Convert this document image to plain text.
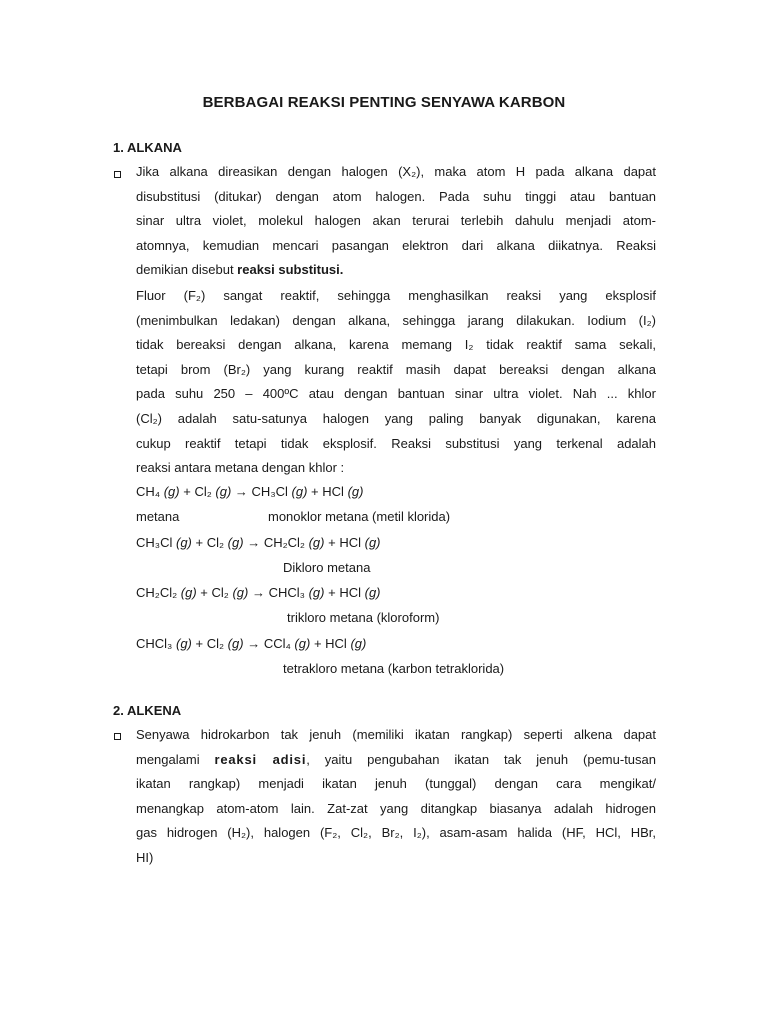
BERBAGAI REAKSI PENTING SENYAWA KARBON
1. ALKANA
Jika alkana direasikan dengan halogen (X₂), maka atom H pada alkana dapat
disubstitusi (ditukar) dengan atom halogen. Pada suhu tinggi atau bantuan
sinar ultra violet, molekul halogen akan terurai terlebih dahulu menjadi atom-
atomnya, kemudian mencari pasangan elektron dari alkana diikatnya. Reaksi
demikian disebut reaksi substitusi.
Fluor (F₂) sangat reaktif, sehingga menghasilkan reaksi yang eksplosif
(menimbulkan ledakan) dengan alkana, sehingga jarang dilakukan. Iodium (I₂)
tidak bereaksi dengan alkana, karena memang I₂ tidak reaktif sama sekali,
tetapi brom (Br₂) yang kurang reaktif masih dapat bereaksi dengan alkana
pada suhu 250 – 400ºC atau dengan bantuan sinar ultra violet. Nah ... khlor
(Cl₂) adalah satu-satunya halogen yang paling banyak digunakan, karena
cukup reaktif tetapi tidak eksplosif. Reaksi substitusi yang terkenal adalah
reaksi antara metana dengan khlor :
CH₄ (g) + Cl₂ (g) → CH₃Cl (g) + HCl (g)
metana	monoklor metana (metil klorida)
CH₃Cl (g) + Cl₂ (g) → CH₂Cl₂ (g) + HCl (g)
Dikloro metana
CH₂Cl₂ (g) + Cl₂ (g) → CHCl₃ (g) + HCl (g)
trikloro metana (kloroform)
CHCl₃ (g) + Cl₂ (g) → CCl₄ (g) + HCl (g)
tetrakloro metana (karbon tetraklorida)
2. ALKENA
Senyawa hidrokarbon tak jenuh (memiliki ikatan rangkap) seperti alkena dapat
mengalami reaksi adisi, yaitu pengubahan ikatan tak jenuh (pemu-tusan
ikatan rangkap) menjadi ikatan jenuh (tunggal) dengan cara mengikat/
menangkap atom-atom lain. Zat-zat yang ditangkap biasanya adalah hidrogen
gas hidrogen (H₂), halogen (F₂, Cl₂, Br₂, I₂), asam-asam halida (HF, HCl, HBr,
HI)
